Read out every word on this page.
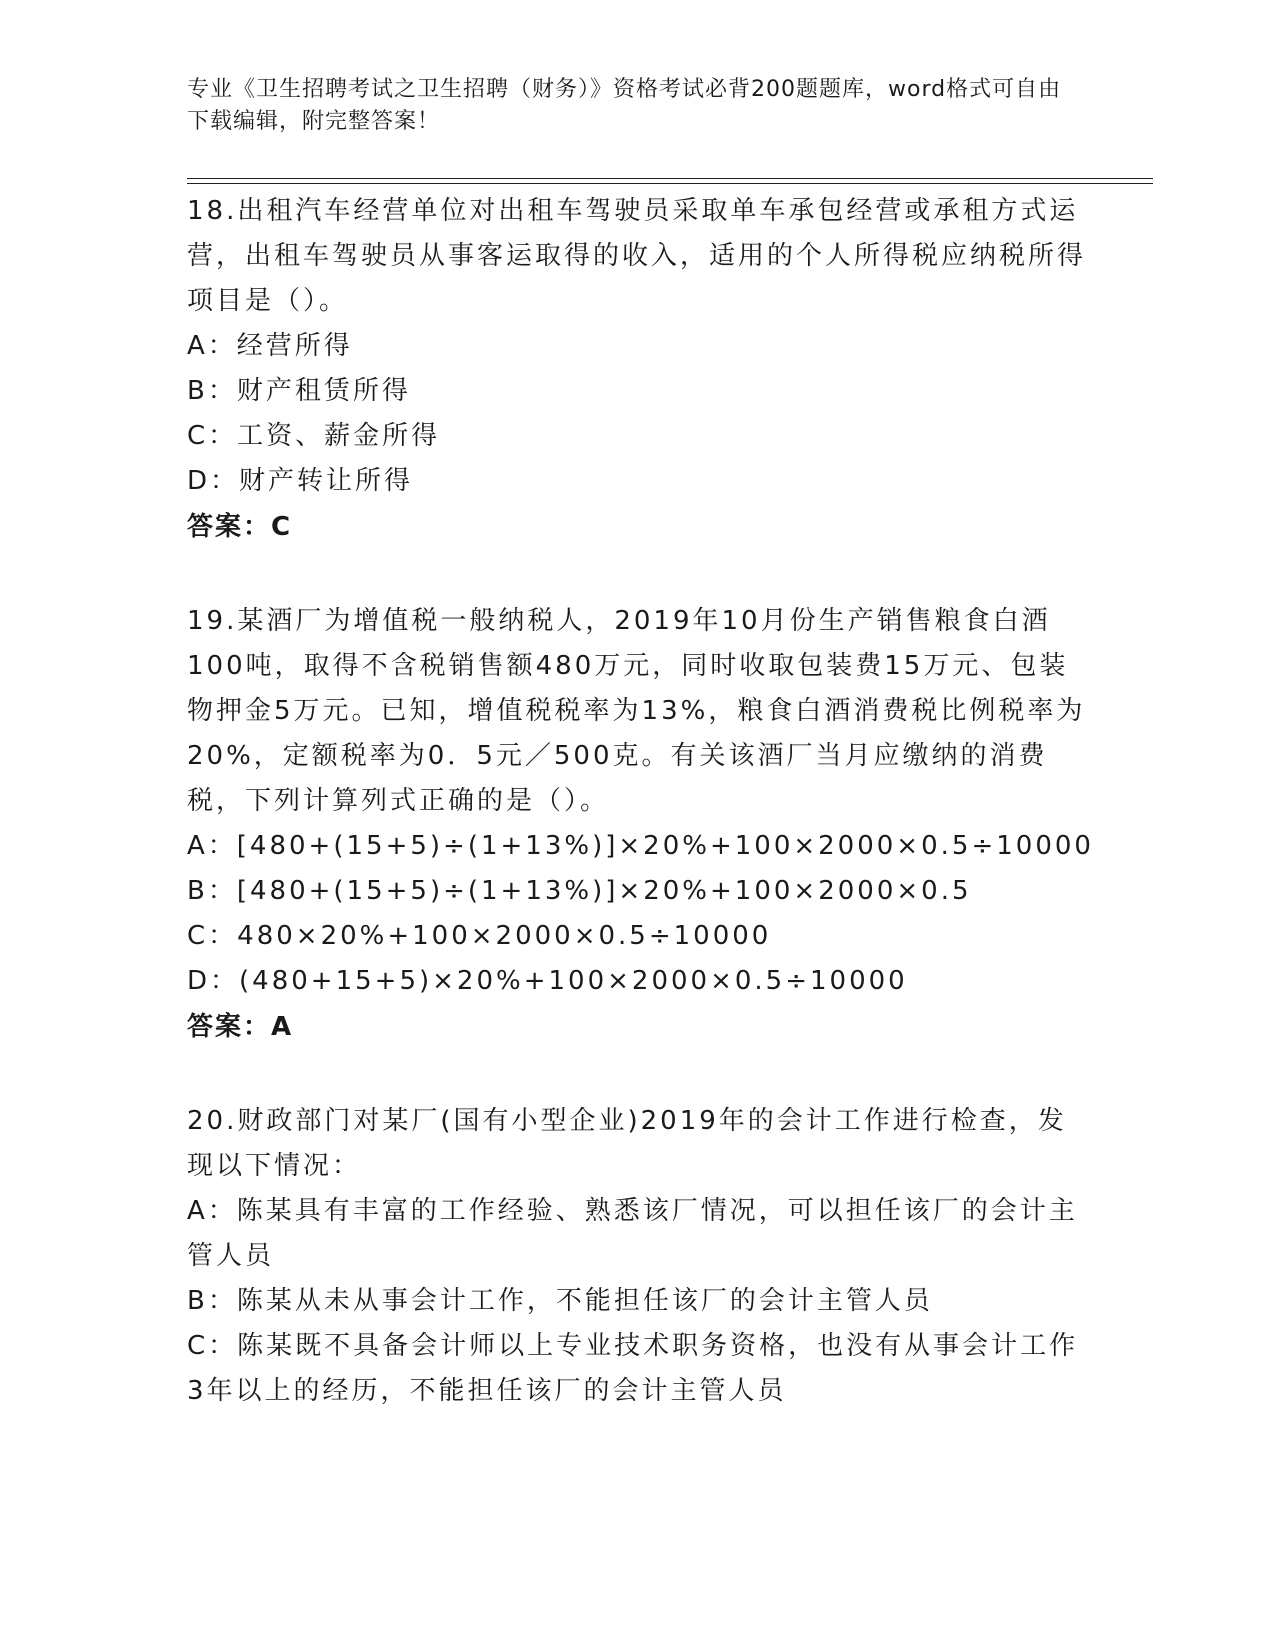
专业《卫生招聘考试之卫生招聘（财务）》资格考试必背200题题库，word格式可自由下载编辑，附完整答案！
18.出租汽车经营单位对出租车驾驶员采取单车承包经营或承租方式运营，出租车驾驶员从事客运取得的收入，适用的个人所得税应纳税所得项目是（）。
A：经营所得
B：财产租赁所得
C：工资、薪金所得
D：财产转让所得
答案：C
19.某酒厂为增值税一般纳税人，2019年10月份生产销售粮食白酒100吨，取得不含税销售额480万元，同时收取包装费15万元、包装物押金5万元。已知，增值税税率为13%，粮食白酒消费税比例税率为20%，定额税率为0．5元／500克。有关该酒厂当月应缴纳的消费税，下列计算列式正确的是（）。
A：[480+(15+5)÷(1+13%)]×20%+100×2000×0.5÷10000
B：[480+(15+5)÷(1+13%)]×20%+100×2000×0.5
C：480×20%+100×2000×0.5÷10000
D：(480+15+5)×20%+100×2000×0.5÷10000
答案：A
20.财政部门对某厂(国有小型企业)2019年的会计工作进行检查，发现以下情况：
A：陈某具有丰富的工作经验、熟悉该厂情况，可以担任该厂的会计主管人员
B：陈某从未从事会计工作，不能担任该厂的会计主管人员
C：陈某既不具备会计师以上专业技术职务资格，也没有从事会计工作3年以上的经历，不能担任该厂的会计主管人员
